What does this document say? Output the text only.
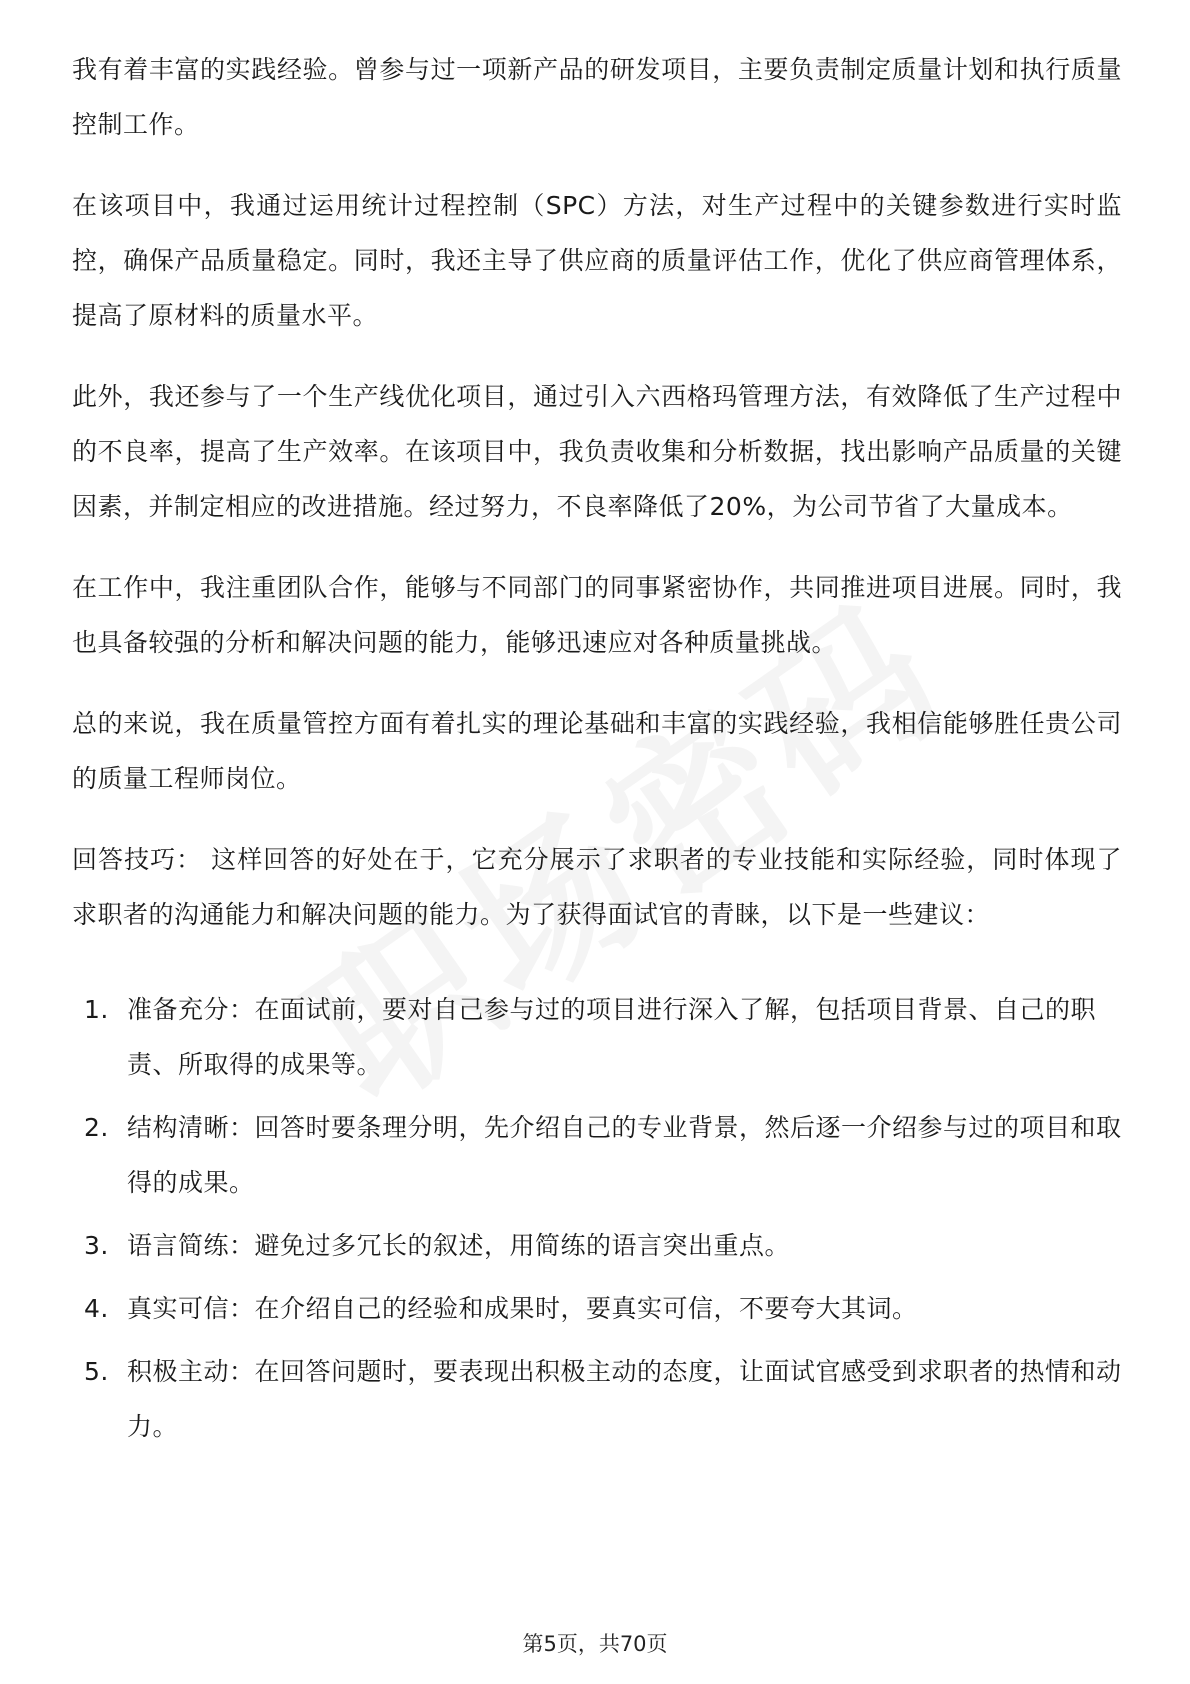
我有着丰富的实践经验。曾参与过一项新产品的研发项目，主要负责制定质量计划和执行质量控制工作。

在该项目中，我通过运用统计过程控制（SPC）方法，对生产过程中的关键参数进行实时监控，确保产品质量稳定。同时，我还主导了供应商的质量评估工作，优化了供应商管理体系，提高了原材料的质量水平。

此外，我还参与了一个生产线优化项目，通过引入六西格玛管理方法，有效降低了生产过程中的不良率，提高了生产效率。在该项目中，我负责收集和分析数据，找出影响产品质量的关键因素，并制定相应的改进措施。经过努力，不良率降低了20%，为公司节省了大量成本。

在工作中，我注重团队合作，能够与不同部门的同事紧密协作，共同推进项目进展。同时，我也具备较强的分析和解决问题的能力，能够迅速应对各种质量挑战。

总的来说，我在质量管控方面有着扎实的理论基础和丰富的实践经验，我相信能够胜任贵公司的质量工程师岗位。

回答技巧： 这样回答的好处在于，它充分展示了求职者的专业技能和实际经验，同时体现了求职者的沟通能力和解决问题的能力。为了获得面试官的青睐，以下是一些建议：

1. 准备充分：在面试前，要对自己参与过的项目进行深入了解，包括项目背景、自己的职责、所取得的成果等。
2. 结构清晰：回答时要条理分明，先介绍自己的专业背景，然后逐一介绍参与过的项目和取得的成果。
3. 语言简练：避免过多冗长的叙述，用简练的语言突出重点。
4. 真实可信：在介绍自己的经验和成果时，要真实可信，不要夸大其词。
5. 积极主动：在回答问题时，要表现出积极主动的态度，让面试官感受到求职者的热情和动力。
第5页，共70页
